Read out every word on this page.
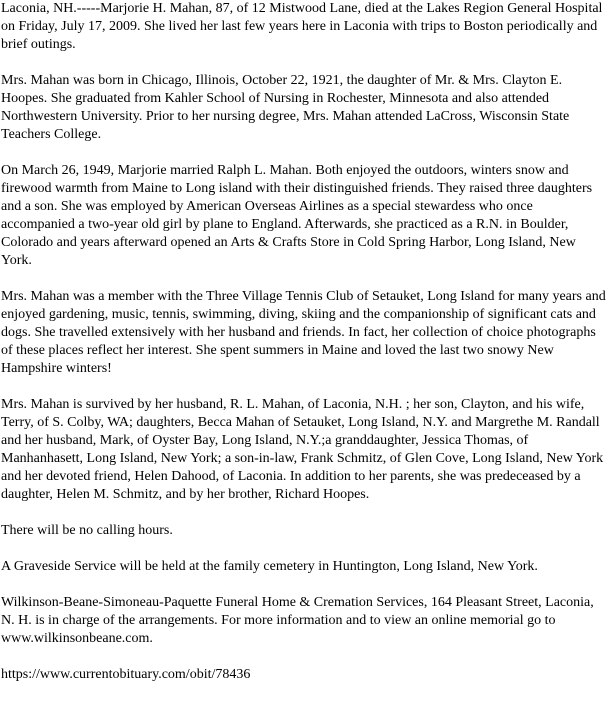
Laconia, NH.-----Marjorie H. Mahan, 87, of 12 Mistwood Lane, died at the Lakes Region General Hospital on Friday, July 17, 2009. She lived her last few years here in Laconia with trips to Boston periodically and brief outings.

Mrs. Mahan was born in Chicago, Illinois, October 22, 1921, the daughter of Mr. & Mrs. Clayton E. Hoopes. She graduated from Kahler School of Nursing in Rochester, Minnesota and also attended Northwestern University. Prior to her nursing degree, Mrs. Mahan attended LaCross, Wisconsin State Teachers College.

On March 26, 1949, Marjorie married Ralph L. Mahan. Both enjoyed the outdoors, winters snow and firewood warmth from Maine to Long island with their distinguished friends. They raised three daughters and a son. She was employed by American Overseas Airlines as a special stewardess who once accompanied a two-year old girl by plane to England. Afterwards, she practiced as a R.N. in Boulder, Colorado and years afterward opened an Arts & Crafts Store in Cold Spring Harbor, Long Island, New York.

Mrs. Mahan was a member with the Three Village Tennis Club of Setauket, Long Island for many years and enjoyed gardening, music, tennis, swimming, diving, skiing and the companionship of significant cats and dogs. She travelled extensively with her husband and friends. In fact, her collection of choice photographs of these places reflect her interest. She spent summers in Maine and loved the last two snowy New Hampshire winters!

Mrs. Mahan is survived by her husband, R. L. Mahan, of Laconia, N.H. ; her son, Clayton, and his wife, Terry, of S. Colby, WA; daughters, Becca Mahan of Setauket, Long Island, N.Y. and Margrethe M. Randall and her husband, Mark, of Oyster Bay, Long Island, N.Y.;a granddaughter, Jessica Thomas, of Manhanhasett, Long Island, New York; a son-in-law, Frank Schmitz, of Glen Cove, Long Island, New York and her devoted friend, Helen Dahood, of Laconia. In addition to her parents, she was predeceased by a daughter, Helen M. Schmitz, and by her brother, Richard Hoopes.

There will be no calling hours.

A Graveside Service will be held at the family cemetery in Huntington, Long Island, New York.

Wilkinson-Beane-Simoneau-Paquette Funeral Home & Cremation Services, 164 Pleasant Street, Laconia, N. H. is in charge of the arrangements. For more information and to view an online memorial go to www.wilkinsonbeane.com.

https://www.currentobituary.com/obit/78436
